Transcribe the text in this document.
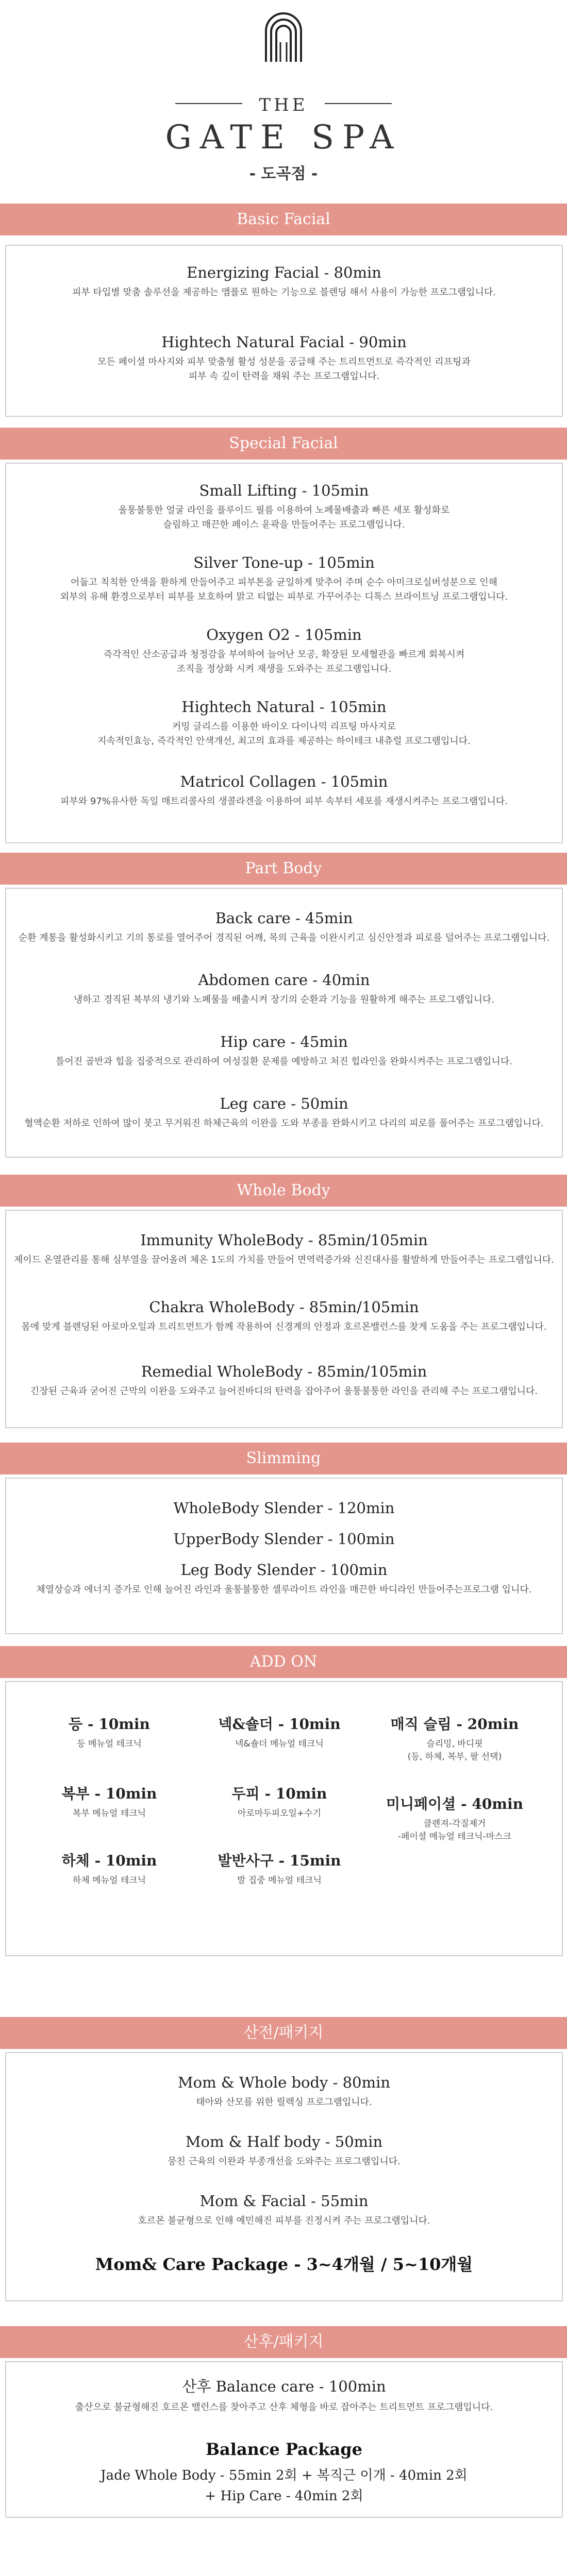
THE
GATE SPA
- 도곡점 -
Basic Facial
Energizing Facial - 80min
피부 타입별 맞춤 솔루션을 제공하는 앰플로 원하는 기능으로 블렌딩 해서 사용이 가능한 프로그램입니다.
Hightech Natural Facial - 90min
모든 페이셜 마사지와 피부 맞춤형 활성 성분을 공급해 주는 트리트먼트로 즉각적인 리프팅과
피부 속 깊이 탄력을 채워 주는 프로그램입니다.
Special Facial
Small Lifting - 105min
울퉁불퉁한 얼굴 라인을 플루이드 필름 이용하여 노페물배출과 빠른 세포 활성화로
슬림하고 매끈한 페이스 윤곽을 만들어주는 프로그램입니다.
Silver Tone-up - 105min
어둡고 칙칙한 안색을 환하게 만들어주고 피부톤을 균일하게 맞추어 주며 순수 아미크로실버성분으로 인해
외부의 유해 환경으로부터 피부를 보호하여 맑고 티없는 피부로 가꾸어주는 디톡스 브라이트닝 프로그램입니다.
Oxygen O2 - 105min
즉각적인 산소공급과 청정감을 부여하여 늘어난 모공, 확장된 모세혈관을 빠르게 회복시켜
조직을 정상화 시켜 재생을 도와주는 프로그램입니다.
Hightech Natural - 105min
커밍 글리스를 이용한 바이오 다이나믹 리프팅 마사지로
지속적인효능, 즉각적인 안색개선, 최고의 효과를 제공하는 하이테크 내츄럴 프로그램입니다.
Matricol Collagen - 105min
피부와 97%유사한 독일 매트리콜사의 생콜라겐을 이용하여 피부 속부터 세포를 재생시켜주는 프로그램입니다.
Part Body
Back care - 45min
순환 계통을 활성화시키고 기의 통로를 열어주어 경직된 어깨, 목의 근육을 이완시키고 심신안정과 피로를 덜어주는 프로그램입니다.
Abdomen care - 40min
냉하고 경직된 복부의 냉기와 노폐물을 배출시켜 장기의 순환과 기능을 원활하게 해주는 프로그램입니다.
Hip care - 45min
틀어진 골반과 힙을 집중적으로 관리하여 여성질환 문제를 예방하고 처진 힙라인을 완화시켜주는 프로그램입니다.
Leg care - 50min
혈액순환 저하로 인하여 많이 붓고 무거워진 하체근육의 이완을 도와 부종을 완화시키고 다리의 피로를 풀어주는 프로그램입니다.
Whole Body
Immunity WholeBody - 85min/105min
제이드 온열관리를 통해 심부열을 끌어올려 체온 1도의 가치를 만들어 면역력증가와 신진대사를 활발하게 만들어주는 프로그램입니다.
Chakra WholeBody - 85min/105min
몸에 맞게 블렌딩된 아로마오일과 트리트먼트가 함께 작용하여 신경계의 안정과 호르몬밸런스를 찾게 도움을 주는 프로그램입니다.
Remedial WholeBody - 85min/105min
긴장된 근육과 굳어진 근막의 이완을 도와주고 늘어진바디의 탄력을 잡아주어 울퉁불퉁한 라인을 관리해 주는 프로그램입니다.
Slimming
WholeBody Slender - 120min
UpperBody Slender - 100min
Leg Body Slender - 100min
체열상승과 에너지 증가로 인해 늘어진 라인과 울퉁불퉁한 셀루라이트 라인을 매끈한 바디라인 만들어주는프로그램 입니다.
ADD ON
등 - 10min
등 메뉴얼 테크닉
넥&숄더 - 10min
넥&숄더 메뉴얼 테크닉
매직 슬림 - 20min
슬리밍, 바디핏
(등, 하체, 복부, 팔 선택)
복부 - 10min
복부 메뉴얼 테크닉
두피 - 10min
아로마두피오일+수기
미니페이셜 - 40min
클렌져-각질제거
-페이셜 메뉴얼 테크닉-마스크
하체 - 10min
하체 메뉴얼 테크닉
발반사구 - 15min
발 집중 메뉴얼 테크닉
산전/패키지
Mom & Whole body - 80min
태아와 산모를 위한 릴렉싱 프로그램입니다.
Mom & Half body - 50min
뭉친 근육의 이완과 부종개선을 도와주는 프로그램입니다.
Mom & Facial - 55min
호르몬 불균형으로 인해 예민해진 피부를 진정시켜 주는 프로그램입니다.
Mom& Care Package - 3~4개월 / 5~10개월
산후/패키지
산후 Balance care - 100min
출산으로 불균형해진 호르몬 밸런스를 찾아주고 산후 체형을 바로 잡아주는 트리트먼트 프로그램입니다.
Balance Package
Jade Whole Body - 55min 2회 + 복직근 이개 - 40min 2회
+ Hip Care - 40min 2회
